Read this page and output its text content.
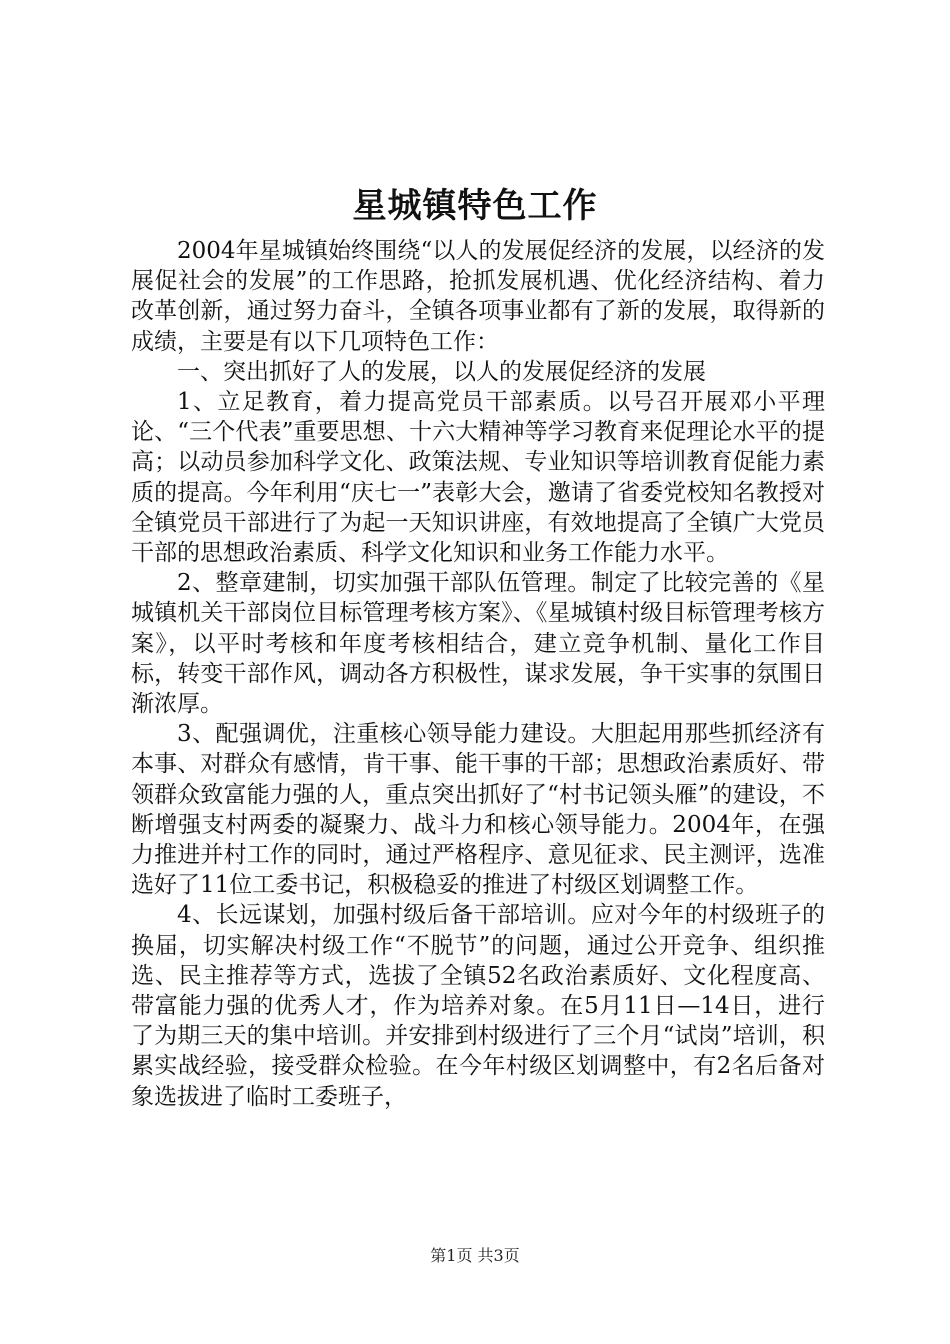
星城镇特色工作

2004年星城镇始终围绕“以人的发展促经济的发展，以经济的发展促社会的发展”的工作思路，抢抓发展机遇、优化经济结构、着力改革创新，通过努力奋斗，全镇各项事业都有了新的发展，取得新的成绩，主要是有以下几项特色工作：

一、突出抓好了人的发展，以人的发展促经济的发展

1、立足教育，着力提高党员干部素质。以号召开展邓小平理论、“三个代表”重要思想、十六大精神等学习教育来促理论水平的提高；以动员参加科学文化、政策法规、专业知识等培训教育促能力素质的提高。今年利用“庆七一”表彰大会，邀请了省委党校知名教授对全镇党员干部进行了为起一天知识讲座，有效地提高了全镇广大党员干部的思想政治素质、科学文化知识和业务工作能力水平。

2、整章建制，切实加强干部队伍管理。制定了比较完善的《星城镇机关干部岗位目标管理考核方案》、《星城镇村级目标管理考核方案》，以平时考核和年度考核相结合，建立竞争机制、量化工作目标，转变干部作风，调动各方积极性，谋求发展，争干实事的氛围日渐浓厚。

3、配强调优，注重核心领导能力建设。大胆起用那些抓经济有本事、对群众有感情，肯干事、能干事的干部；思想政治素质好、带领群众致富能力强的人，重点突出抓好了“村书记领头雁”的建设，不断增强支村两委的凝聚力、战斗力和核心领导能力。2004年，在强力推进并村工作的同时，通过严格程序、意见征求、民主测评，选准选好了11位工委书记，积极稳妥的推进了村级区划调整工作。

4、长远谋划，加强村级后备干部培训。应对今年的村级班子的换届，切实解决村级工作“不脱节”的问题，通过公开竞争、组织推选、民主推荐等方式，选拔了全镇52名政治素质好、文化程度高、带富能力强的优秀人才，作为培养对象。在5月11日—14日，进行了为期三天的集中培训。并安排到村级进行了三个月“试岗”培训，积累实战经验，接受群众检验。在今年村级区划调整中，有2名后备对象选拔进了临时工委班子，

第1页 共3页
